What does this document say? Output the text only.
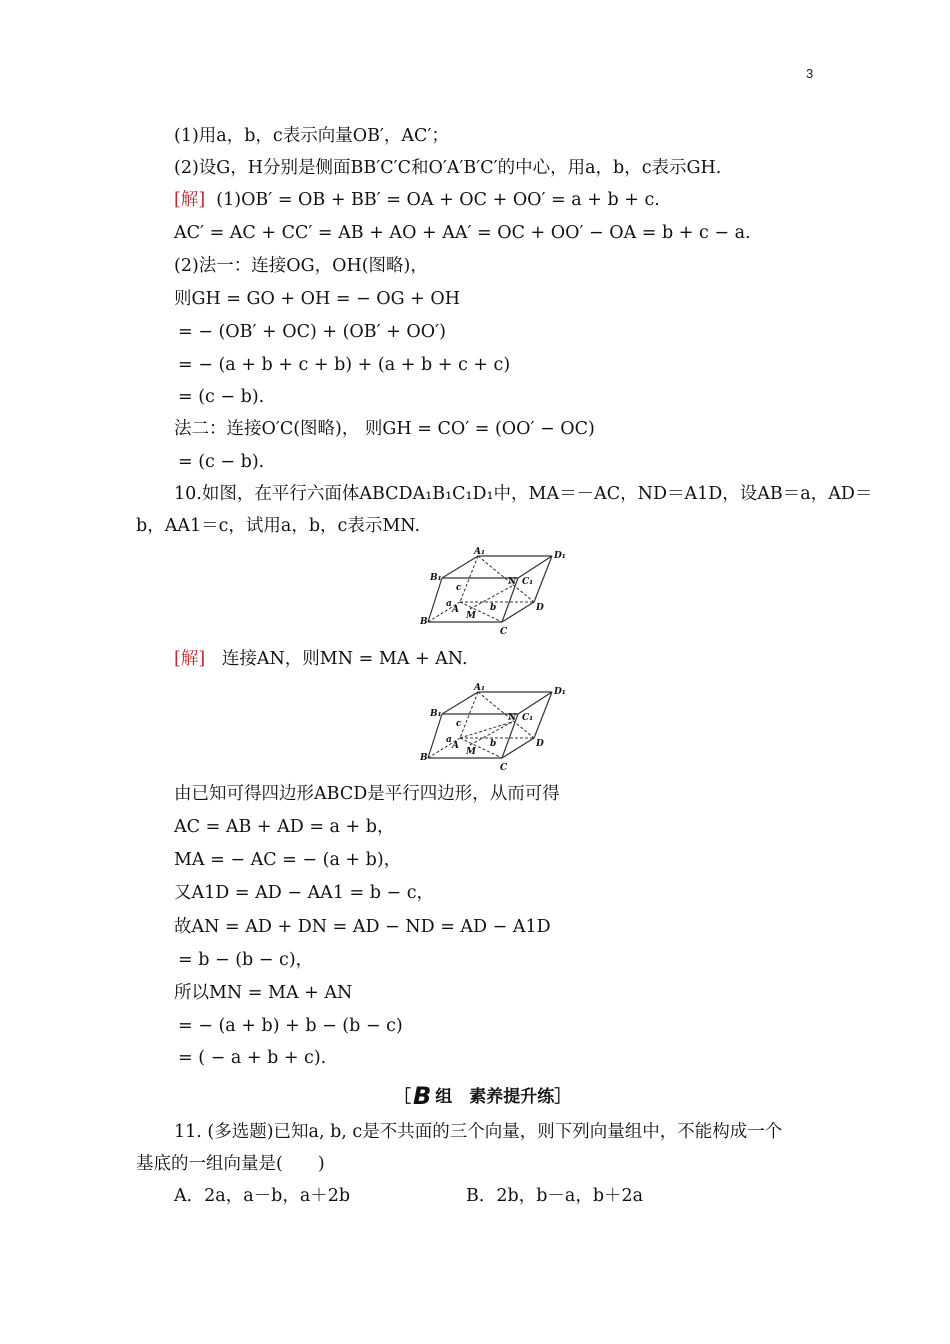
3
(1)用a，b，c表示向量OB′，AC′；
(2)设G，H分别是侧面BB′C′C和O′A′B′C′的中心，用a，b，c表示GH.
[解] (1)OB′ = OB + BB′ = OA + OC + OO′ = a + b + c.
AC′ = AC + CC′ = AB + AO + AA′ = OC + OO′ − OA = b + c − a.
(2)法一：连接OG，OH(图略)，
则GH = GO + OH = − OG + OH
= − (OB′ + OC) + (OB′ + OO′)
= − (a + b + c + b) + (a + b + c + c)
= (c − b).
法二：连接O′C(图略)， 则GH = CO′ = (OO′ − OC)
= (c − b).
10.如图，在平行六面体ABCDA₁B₁C₁D₁中，MA＝－AC，ND＝A1D，设AB＝a，AD＝
b，AA1＝c，试用a，b，c表示MN.
A₁	D₁
B₁	C₁
N
c
a
A	b
M
D
B
C
[解] 连接AN，则MN = MA + AN.
A₁	D₁
B₁	C₁
N
c
a
A	b
M
D
B
C
由已知可得四边形ABCD是平行四边形，从而可得
AC = AB + AD = a + b，
MA = − AC = − (a + b)，
又A1D = AD − AA1 = b − c，
故AN = AD + DN = AD − ND = AD − A1D
= b − (b − c)，
所以MN = MA + AN
= − (a + b) + b − (b − c)
= ( − a + b + c).
［B 组　素养提升练］
11. (多选题)已知a, b, c是不共面的三个向量，则下列向量组中，不能构成一个
基底的一组向量是(　　)
A．2a，a－b，a＋2b	B．2b，b－a，b＋2a
